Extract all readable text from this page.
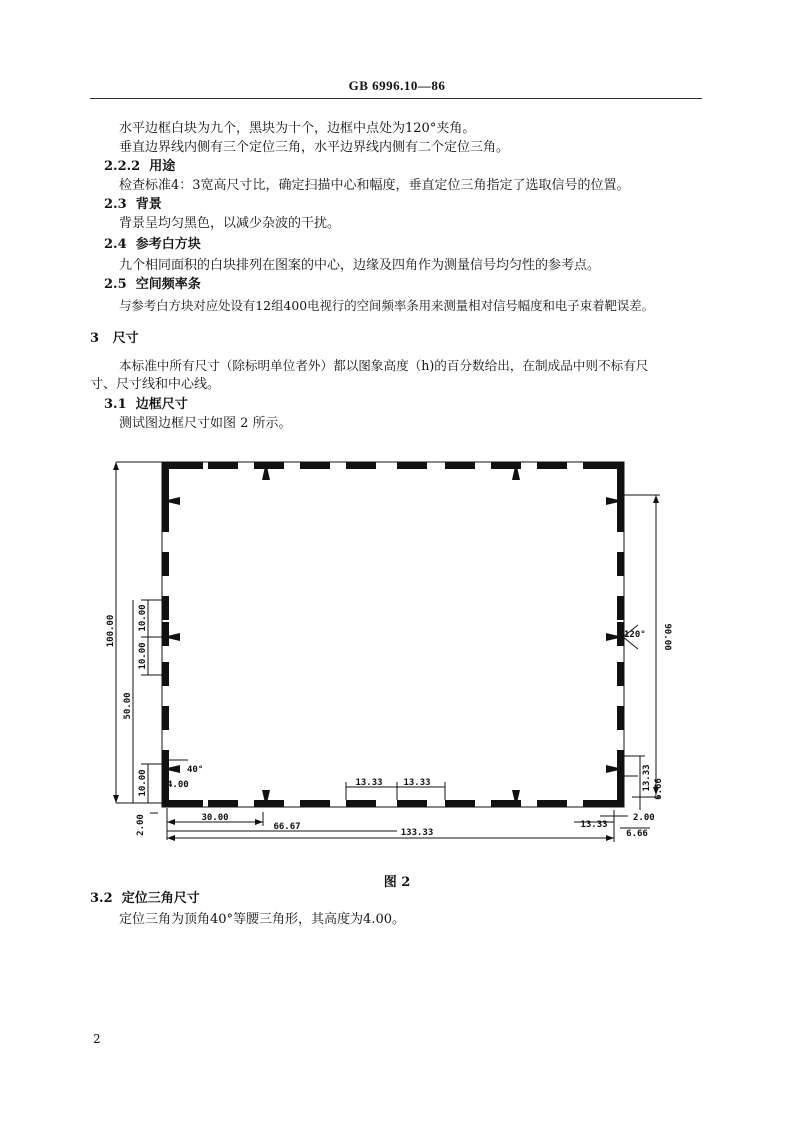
GB 6996.10—86
水平边框白块为九个，黑块为十个，边框中点处为120°夹角。
垂直边界线内侧有三个定位三角，水平边界线内侧有二个定位三角。
2.2.2 用途
检查标准4：3宽高尺寸比，确定扫描中心和幅度，垂直定位三角指定了选取信号的位置。
2.3 背景
背景呈均匀黑色，以减少杂波的干扰。
2.4 参考白方块
九个相同面积的白块排列在图案的中心，边缘及四角作为测量信号均匀性的参考点。
2.5 空间频率条
与参考白方块对应处设有12组400电视行的空间频率条用来测量相对信号幅度和电子束着靶误差。
3 尺寸
本标准中所有尺寸（除标明单位者外）都以图象高度（h)的百分数给出，在制成品中则不标有尺
寸、尺寸线和中心线。
3.1 边框尺寸
测试图边框尺寸如图 2 所示。
100.00
50.00
10.00
10.00
10.00
2.00
90.00
13.33 6.66
30.00
66.67
133.33
13.33 13.33
13.33
2.00
6.66
4.00
40°
120°
图 2
3.2 定位三角尺寸
定位三角为顶角40°等腰三角形，其高度为4.00。
2
